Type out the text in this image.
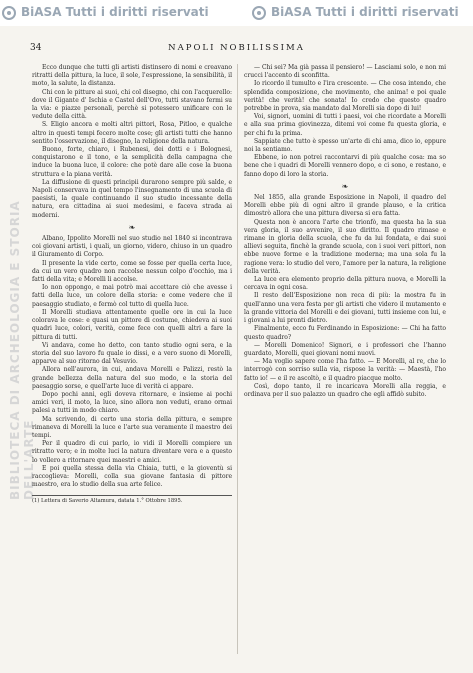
BiASA Tutti i diritti riservati	BiASA Tutti i diritti riservati
BIBLIOTECA DI ARCHEOLOGIA E STORIA DELL'ARTE
34	NAPOLI NOBILISSIMA

Ecco dunque che tutti gli artisti distinsero di nomi e creavano ritratti della pittura, la luce, il sole, l'espressione, la sensibilità, il moto, la salute, la distanza.

Chi con le pitture ai suoi, chi col disegno, chi con l'acquerello: dove il Gigante d' Ischia e Castel dell'Ovo, tutti stavano fermi su la via: e piazze personali, perchè si potessero unificare con le vedute della città.

S. Eligio ancora e molti altri pittori, Rosa, Pitloo, e qualche altro in questi tempi fecero molte cose; gli artisti tutti che hanno sentito l'osservazione, il disegno, la religione della natura.

Buono, forte, chiaro, i Rubenesi, dei dotti e i Bolognesi, conquistarono e il tono, e la semplicità della campagna che induce la buona luce, il colore: che potè dare alle cose la buona struttura e la piana verità.

La diffusione di questi principii durarono sempre più salde, e Napoli conservava in quel tempo l'insegnamento di una scuola di paesisti, la quale continuando il suo studio incessante della natura, era cittadina ai suoi medesimi, e faceva strada ai moderni.

❧

Albano, Ippolito Morelli nel suo studio nel 1840 si incontrava coi giovani artisti, i quali, un giorno, videro, chiuso in un quadro il Giuramento di Corpo.

Il presente la vide certo, come se fosse per quella certa luce, da cui un vero quadro non raccolse nessun colpo d'occhio, ma i fatti della vita; e Morelli li accolse.

Io non oppongo, e mai potrò mai accettare ciò che avesse i fatti della luce, un colore della storia: e come vedere che il paesaggio studiato, e fermò col tutto di quella luce.

Il Morelli studiava attentamente quelle ore in cui la luce colorava le cose: e quasi un pittore di costume, chiedeva ai suoi quadri luce, colori, verità, come fece con quelli altri a fare la pittura di tutti.

Vi andava, come ho detto, con tanto studio ogni sera, e la storia del suo lavoro fu quale io dissi, e a vero suono di Morelli, apparve al suo ritorno dal Vesuvio.

Allora nell'aurora, in cui, andava Morelli e Palizzi, restò la grande bellezza della natura del suo modo, e la storia del paesaggio sorse, e quell'arte luce di verità ci appare.

Dopo pochi anni, egli doveva ritornare, e insieme ai pochi amici veri, il moto, la luce, sino allora non veduti, erano ormai palesi a tutti in modo chiaro.

Ma scrivendo, di certo una storia della pittura, e sempre rimaneva di Morelli la luce e l'arte sua veramente il maestro dei tempi.

Per il quadro di cui parlo, io vidi il Morelli compiere un ritratto vero; e in molte luci la natura diventare vera e a questo lo vollero a ritornare quei maestri e amici.

E poi quella stessa della via Chiaia, tutti, e la gioventù si raccoglieva: Morelli, colla sua giovane fantasia di pittore maestro, era lo studio della sua arte felice.

(1) Lettera di Saverio Altamura, datata 1.° Ottobre 1895.

— Chi sei? Ma già passa il pensiero! — Lasciami solo, e non mi crucci l'accento di sconfitta.

Io ricordo il tumulto e l'ira crescente. — Che cosa intendo, che splendida composizione, che movimento, che anima! e poi quale verità! che verità! che sonata! Io credo che questo quadro potrebbe in prova, sia mandato dal Morelli sia dopo di lui!

Voi, signori, uomini di tutti i paesi, voi che ricordate a Morelli e alla sua prima giovinezza, ditemi voi come fu questa gloria, e per chi fu la prima.

Sappiate che tutto è spesso un'arte di chi ama, dico io, eppure noi la sentiamo.

Ebbene, io non potrei raccontarvi di più qualche cosa: ma so bene che i quadri di Morelli vennero dopo, e ci sono, e restano, e fanno dopo di loro la storia.

❧

Nel 1855, alla grande Esposizione in Napoli, il quadro del Morelli ebbe più di ogni altro il grande plauso, e la critica dimostrò allora che una pittura diversa si era fatta.

Questa non è ancora l'arte che trionfò, ma questa ha la sua vera gloria, il suo avvenire, il suo diritto. Il quadro rimase e rimane in gloria della scuola, che fu da lui fondata, e dai suoi allievi seguita, finchè la grande scuola, con i suoi veri pittori, non ebbe nuove forme e la tradizione moderna; ma una sola fu la ragione vera: lo studio del vero, l'amore per la natura, la religione della verità.

La luce era elemento proprio della pittura nuova, e Morelli la cercava in ogni cosa.

Il resto dell'Esposizione non reca di più: la mostra fu in quell'anno una vera festa per gli artisti che videro il mutamento e la grande vittoria del Morelli e dei giovani, tutti insieme con lui, e i giovani a lui pronti dietro.

Finalmente, ecco fu Ferdinando in Esposizione: — Chi ha fatto questo quadro?

— Morelli Domenico! Signori, e i professori che l'hanno guardato, Morelli, quei giovani nomi nuovi.

— Ma voglio sapere come l'ha fatto. — E Morelli, al re, che lo interrogò con sorriso sulla via, rispose la verità: — Maestà, l'ho fatto io! — e il re ascoltò, e il quadro piacque molto.

Così, dopo tanto, il re incaricava Morelli alla reggia, e ordinava per il suo palazzo un quadro che egli affidò subito.
